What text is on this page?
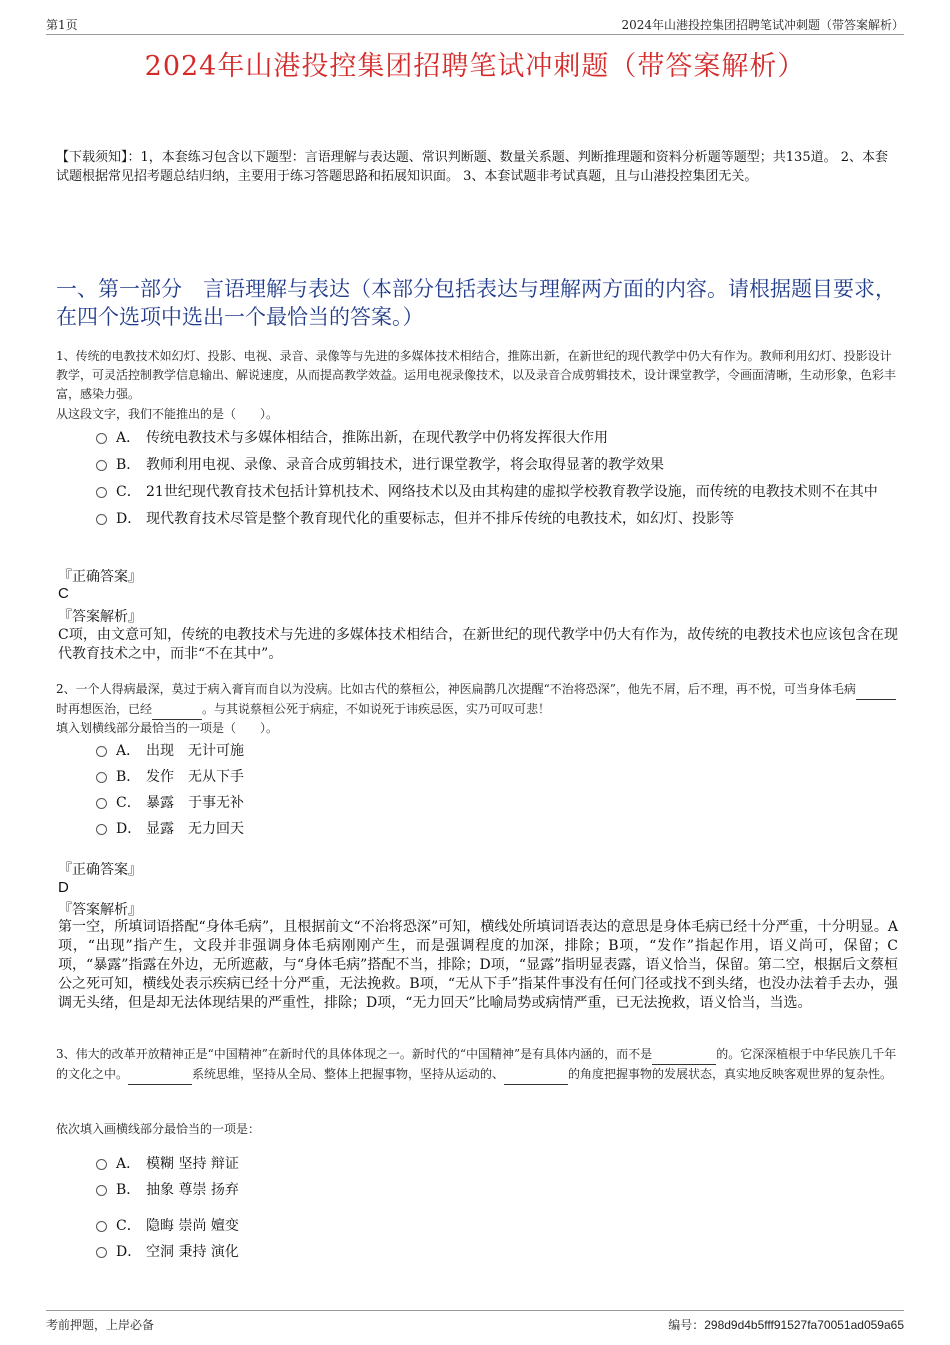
第1页	2024年山港投控集团招聘笔试冲刺题（带答案解析）
2024年山港投控集团招聘笔试冲刺题（带答案解析）
【下载须知】：1，本套练习包含以下题型：言语理解与表达题、常识判断题、数量关系题、判断推理题和资料分析题等题型；共135道。 2、本套试题根据常见招考题总结归纳，主要用于练习答题思路和拓展知识面。 3、本套试题非考试真题，且与山港投控集团无关。
一、第一部分　言语理解与表达（本部分包括表达与理解两方面的内容。请根据题目要求，在四个选项中选出一个最恰当的答案。）
1、传统的电教技术如幻灯、投影、电视、录音、录像等与先进的多媒体技术相结合，推陈出新，在新世纪的现代教学中仍大有作为。教师利用幻灯、投影设计教学，可灵活控制教学信息输出、解说速度，从而提高教学效益。运用电视录像技术，以及录音合成剪辑技术，设计课堂教学，令画面清晰，生动形象，色彩丰富，感染力强。
从这段文字，我们不能推出的是（　　）。
A． 传统电教技术与多媒体相结合，推陈出新，在现代教学中仍将发挥很大作用
B． 教师利用电视、录像、录音合成剪辑技术，进行课堂教学，将会取得显著的教学效果
C． 21世纪现代教育技术包括计算机技术、网络技术以及由其构建的虚拟学校教育教学设施，而传统的电教技术则不在其中
D． 现代教育技术尽管是整个教育现代化的重要标志，但并不排斥传统的电教技术，如幻灯、投影等
『正确答案』
C
『答案解析』
C项，由文意可知，传统的电教技术与先进的多媒体技术相结合，在新世纪的现代教学中仍大有作为，故传统的电教技术也应该包含在现代教育技术之中，而非“不在其中”。
2、一个人得病最深，莫过于病入膏肓而自以为没病。比如古代的蔡桓公，神医扁鹊几次提醒“不治将恐深”，他先不屑，后不理，再不悦，可当身体毛病 时再想医治，已经	。与其说蔡桓公死于病症，不如说死于讳疾忌医，实乃可叹可悲！
填入划横线部分最恰当的一项是（　　）。
A． 出现　无计可施
B． 发作　无从下手
C． 暴露　于事无补
D． 显露　无力回天
『正确答案』
D
『答案解析』
第一空，所填词语搭配“身体毛病”，且根据前文“不治将恐深”可知，横线处所填词语表达的意思是身体毛病已经十分严重，十分明显。A项，“出现”指产生，文段并非强调身体毛病刚刚产生，而是强调程度的加深，排除；B项，“发作”指起作用，语义尚可，保留；C项，“暴露”指露在外边，无所遮蔽，与“身体毛病”搭配不当，排除；D项，“显露”指明显表露，语义恰当，保留。第二空，根据后文蔡桓公之死可知，横线处表示疾病已经十分严重，无法挽救。B项，“无从下手”指某件事没有任何门径或找不到头绪，也没办法着手去办，强调无头绪，但是却无法体现结果的严重性，排除；D项，“无力回天”比喻局势或病情严重，已无法挽救，语义恰当，当选。
3、伟大的改革开放精神正是“中国精神”在新时代的具体体现之一。新时代的“中国精神”是有具体内涵的，而不是	的。它深深植根于中华民族几千年的文化之中。	系统思维，坚持从全局、整体上把握事物，坚持从运动的、	的角度把握事物的发展状态，真实地反映客观世界的复杂性。
依次填入画横线部分最恰当的一项是：
A． 模糊 坚持 辩证
B． 抽象 尊崇 扬弃
C． 隐晦 崇尚 嬗变
D． 空洞 秉持 演化
考前押题，上岸必备	编号：298d9d4b5fff91527fa70051ad059a65
